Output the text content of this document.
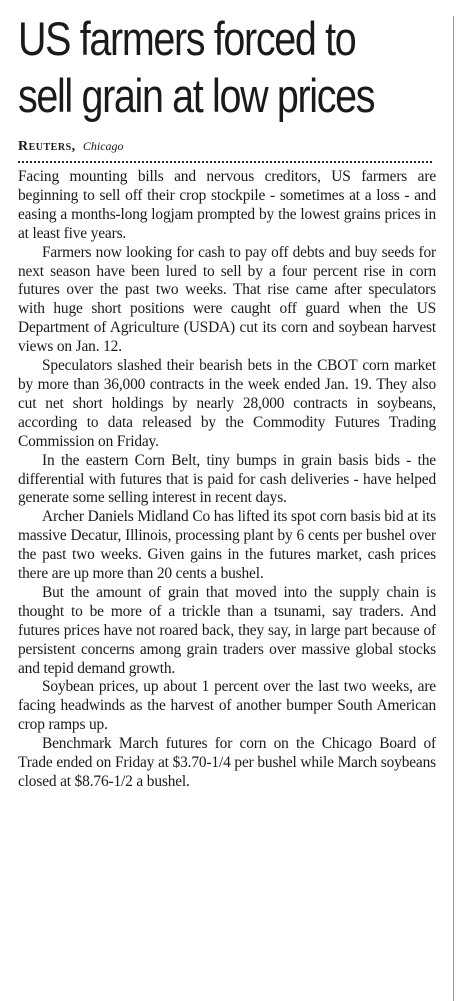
US farmers forced to
sell grain at low prices
Reuters, Chicago

Facing mounting bills and nervous creditors, US farmers are beginning to sell off their crop stockpile - sometimes at a loss - and easing a months-long logjam prompted by the lowest grains prices in at least five years.

Farmers now looking for cash to pay off debts and buy seeds for next season have been lured to sell by a four percent rise in corn futures over the past two weeks. That rise came after speculators with huge short positions were caught off guard when the US Department of Agriculture (USDA) cut its corn and soybean harvest views on Jan. 12.

Speculators slashed their bearish bets in the CBOT corn market by more than 36,000 contracts in the week ended Jan. 19. They also cut net short holdings by nearly 28,000 contracts in soybeans, according to data released by the Commodity Futures Trading Commission on Friday.

In the eastern Corn Belt, tiny bumps in grain basis bids - the differential with futures that is paid for cash deliveries - have helped generate some selling interest in recent days.

Archer Daniels Midland Co has lifted its spot corn basis bid at its massive Decatur, Illinois, processing plant by 6 cents per bushel over the past two weeks. Given gains in the futures market, cash prices there are up more than 20 cents a bushel.

But the amount of grain that moved into the supply chain is thought to be more of a trickle than a tsunami, say traders. And futures prices have not roared back, they say, in large part because of persistent concerns among grain traders over massive global stocks and tepid demand growth.

Soybean prices, up about 1 percent over the last two weeks, are facing headwinds as the harvest of another bumper South American crop ramps up.

Benchmark March futures for corn on the Chicago Board of Trade ended on Friday at $3.70-1/4 per bushel while March soybeans closed at $8.76-1/2 a bushel.
